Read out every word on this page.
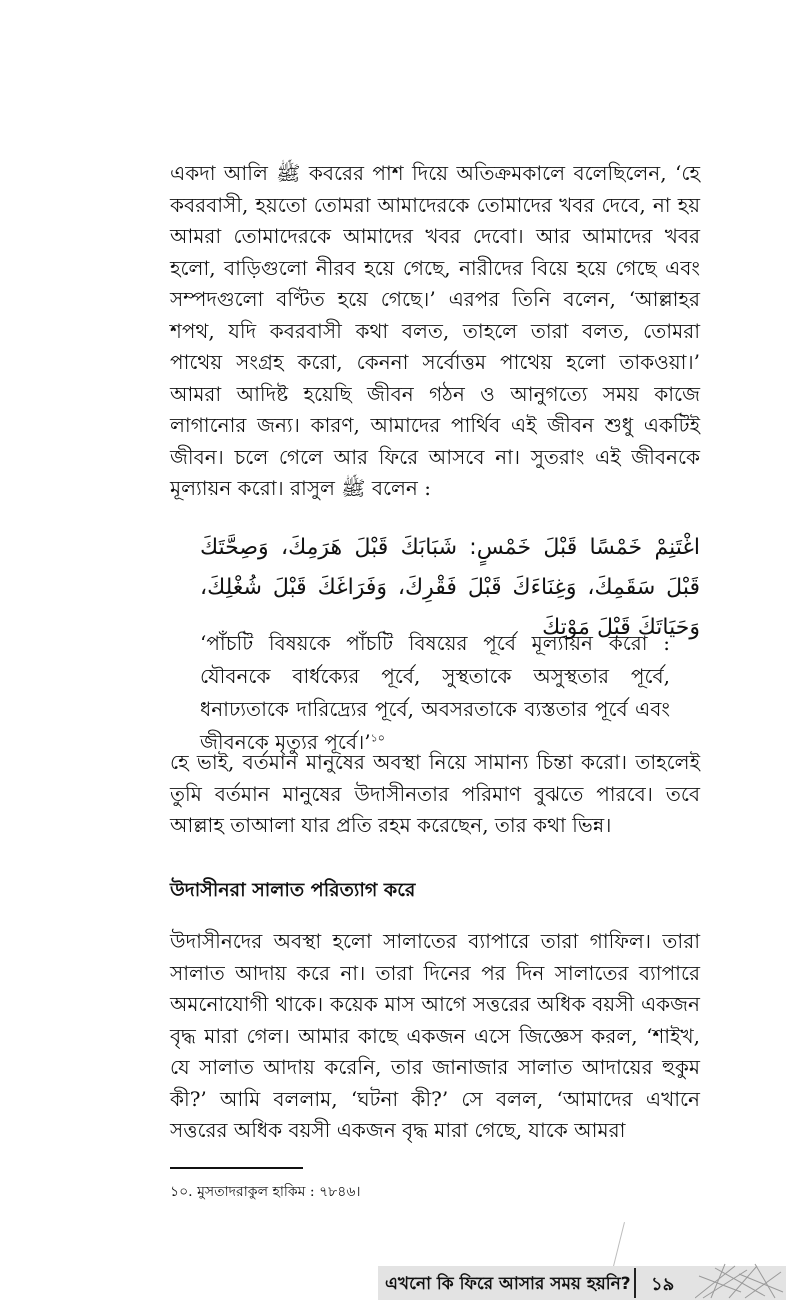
একদা আলি ﷺ কবরের পাশ দিয়ে অতিক্রমকালে বলেছিলেন, ‘হে কবরবাসী, হয়তো তোমরা আমাদেরকে তোমাদের খবর দেবে, না হয় আমরা তোমাদেরকে আমাদের খবর দেবো। আর আমাদের খবর হলো, বাড়িগুলো নীরব হয়ে গেছে, নারীদের বিয়ে হয়ে গেছে এবং সম্পদগুলো বণ্টিত হয়ে গেছে।’ এরপর তিনি বলেন, ‘আল্লাহর শপথ, যদি কবরবাসী কথা বলত, তাহলে তারা বলত, তোমরা পাথেয় সংগ্রহ করো, কেননা সর্বোত্তম পাথেয় হলো তাকওয়া।’ আমরা আদিষ্ট হয়েছি জীবন গঠন ও আনুগত্যে সময় কাজে লাগানোর জন্য। কারণ, আমাদের পার্থিব এই জীবন শুধু একটিই জীবন। চলে গেলে আর ফিরে আসবে না। সুতরাং এই জীবনকে মূল্যায়ন করো। রাসুল ﷺ বলেন :

اغْتَنِمْ خَمْسًا قَبْلَ خَمْسٍ: شَبَابَكَ قَبْلَ هَرَمِكَ، وَصِحَّتَكَ قَبْلَ سَقَمِكَ، وَغِنَاءَكَ قَبْلَ فَقْرِكَ، وَفَرَاغَكَ قَبْلَ شُغْلِكَ، وَحَيَاتَكَ قَبْلَ مَوْتِكَ

‘পাঁচটি বিষয়কে পাঁচটি বিষয়ের পূর্বে মূল্যায়ন করো : যৌবনকে বার্ধক্যের পূর্বে, সুস্থতাকে অসুস্থতার পূর্বে, ধনাঢ্যতাকে দারিদ্র্যের পূর্বে, অবসরতাকে ব্যস্ততার পূর্বে এবং জীবনকে মৃত্যুর পূর্বে।’$^{১০}$

হে ভাই, বর্তমান মানুষের অবস্থা নিয়ে সামান্য চিন্তা করো। তাহলেই তুমি বর্তমান মানুষের উদাসীনতার পরিমাণ বুঝতে পারবে। তবে আল্লাহ তাআলা যার প্রতি রহম করেছেন, তার কথা ভিন্ন।

উদাসীনরা সালাত পরিত্যাগ করে

উদাসীনদের অবস্থা হলো সালাতের ব্যাপারে তারা গাফিল। তারা সালাত আদায় করে না। তারা দিনের পর দিন সালাতের ব্যাপারে অমনোযোগী থাকে। কয়েক মাস আগে সত্তরের অধিক বয়সী একজন বৃদ্ধ মারা গেল। আমার কাছে একজন এসে জিজ্ঞেস করল, ‘শাইখ, যে সালাত আদায় করেনি, তার জানাজার সালাত আদায়ের হুকুম কী?’ আমি বললাম, ‘ঘটনা কী?’ সে বলল, ‘আমাদের এখানে সত্তরের অধিক বয়সী একজন বৃদ্ধ মারা গেছে, যাকে আমরা

১০. মুসতাদরাকুল হাকিম : ৭৮৪৬।

এখনো কি ফিরে আসার সময় হয়নি? ১৯
